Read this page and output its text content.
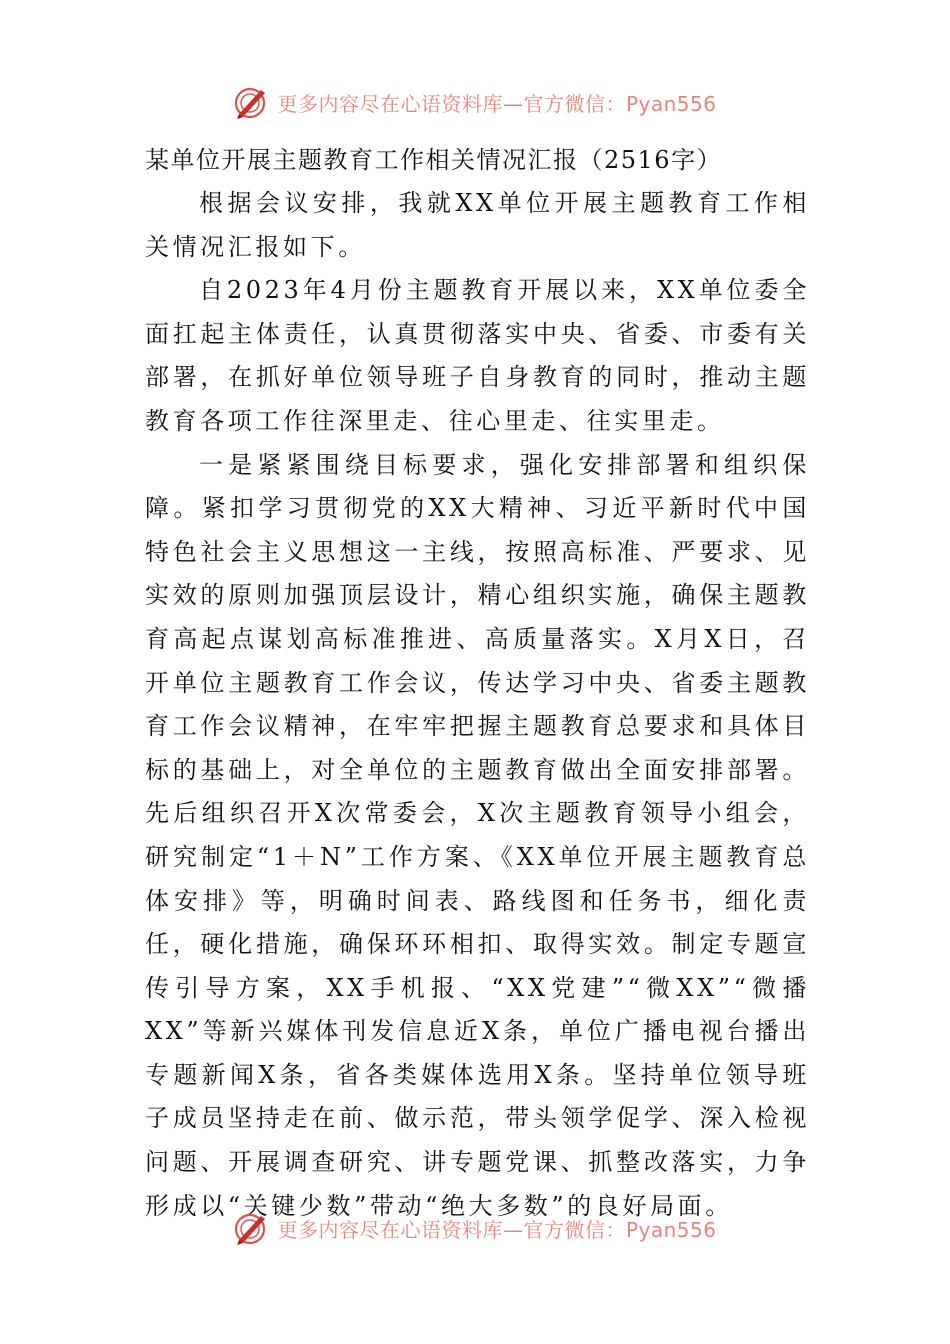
更多内容尽在心语资料库—官方微信：Pyan556
某单位开展主题教育工作相关情况汇报（2516字）

根据会议安排，我就XX单位开展主题教育工作相关情况汇报如下。

自2023年4月份主题教育开展以来，XX单位委全面扛起主体责任，认真贯彻落实中央、省委、市委有关部署，在抓好单位领导班子自身教育的同时，推动主题教育各项工作往深里走、往心里走、往实里走。

一是紧紧围绕目标要求，强化安排部署和组织保障。紧扣学习贯彻党的XX大精神、习近平新时代中国特色社会主义思想这一主线，按照高标准、严要求、见实效的原则加强顶层设计，精心组织实施，确保主题教育高起点谋划高标准推进、高质量落实。X月X日，召开单位主题教育工作会议，传达学习中央、省委主题教育工作会议精神，在牢牢把握主题教育总要求和具体目标的基础上，对全单位的主题教育做出全面安排部署。先后组织召开X次常委会，X次主题教育领导小组会，研究制定“1＋N”工作方案、《XX单位开展主题教育总体安排》等，明确时间表、路线图和任务书，细化责任，硬化措施，确保环环相扣、取得实效。制定专题宣传引导方案，XX手机报、“XX党建”“微XX”“微播XX”等新兴媒体刊发信息近X条，单位广播电视台播出专题新闻X条，省各类媒体选用X条。坚持单位领导班子成员坚持走在前、做示范，带头领学促学、深入检视问题、开展调查研究、讲专题党课、抓整改落实，力争形成以“关键少数”带动“绝大多数”的良好局面。

更多内容尽在心语资料库—官方微信：Pyan556
